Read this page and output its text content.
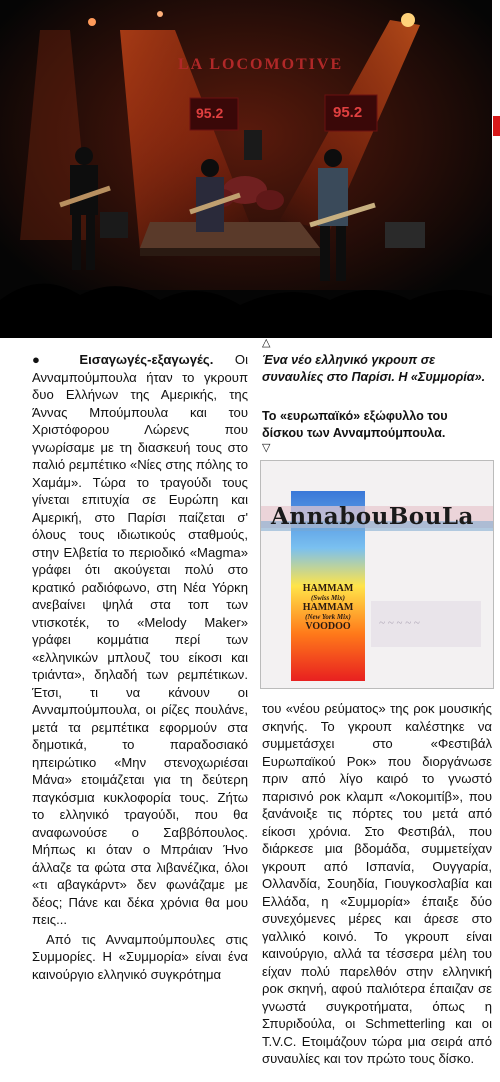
LA LOCOMOTIVE
95.2	95.2

● Εισαγωγές-εξαγωγές. Οι Ανναμπούμπουλα ήταν το γκρουπ δυο Ελλήνων της Αμερικής, της Άννας Μπούμπουλα και του Χριστόφορου Λώρενς που γνωρίσαμε με τη διασκευή τους στο παλιό ρεμπέτικο «Νίες στης πόλης το Χαμάμ». Τώρα το τραγούδι τους γίνεται επιτυχία σε Ευρώπη και Αμερική, στο Παρίσι παίζεται σ' όλους τους ιδιωτικούς σταθμούς, στην Ελβετία το περιοδικό «Magma» γράφει ότι ακούγεται πολύ στο κρατικό ραδιόφωνο, στη Νέα Υόρκη ανεβαίνει ψηλά στα τοπ των ντισκοτέκ, το «Melody Maker» γράφει κομμάτια περί των «ελληνικών μπλουζ του είκοσι και τριάντα», δηλαδή των ρεμπέτικων. Έτσι, τι να κάνουν οι Ανναμπούμπουλα, οι ρίζες πουλάνε, μετά τα ρεμπέτικα εφορμούν στα δημοτικά, το παραδοσιακό ηπειρώτικο «Μην στενοχωριέσαι Μάνα» ετοιμάζεται για τη δεύτερη παγκόσμια κυκλοφορία τους. Ζήτω το ελληνικό τραγούδι, που θα αναφωνούσε ο Σαββόπουλος. Μήπως κι όταν ο Μπράιαν Ήνο άλλαζε τα φώτα στα λιβανέζικα, όλοι «τι αβαγκάρντ» δεν φωνάζαμε με δέος; Πάνε και δέκα χρόνια θα μου πεις...

Από τις Ανναμπούμπουλες στις Συμμορίες. Η «Συμμορία» είναι ένα καινούργιο ελληνικό συγκρότημα

△
Ένα νέο ελληνικό γκρουπ σε συναυλίες στο Παρίσι. Η «Συμμορία».
Το «ευρωπαϊκό» εξώφυλλο του δίσκου των Ανναμπούμπουλα.
▽
~ ~ ~ ~ ~
AnnabouBouLa
HAMMAM
(Swiss Mix)
HAMMAM
(New York Mix)
VOODOO

του «νέου ρεύματος» της ροκ μουσικής σκηνής. Το γκρουπ καλέστηκε να συμμετάσχει στο «Φεστιβάλ Ευρωπαϊκού Ροκ» που διοργάνωσε πριν από λίγο καιρό το γνωστό παρισινό ροκ κλαμπ «Λοκομιτίβ», που ξανάνοιξε τις πόρτες του μετά από είκοσι χρόνια. Στο Φεστιβάλ, που διάρκεσε μια βδομάδα, συμμετείχαν γκρουπ από Ισπανία, Ουγγαρία, Ολλανδία, Σουηδία, Γιουγκοσλαβία και Ελλάδα, η «Συμμορία» έπαιξε δύο συνεχόμενες μέρες και άρεσε στο γαλλικό κοινό. Το γκρουπ είναι καινούργιο, αλλά τα τέσσερα μέλη του είχαν πολύ παρελθόν στην ελληνική ροκ σκηνή, αφού παλιότερα έπαιζαν σε γνωστά συγκροτήματα, όπως η Σπυριδούλα, οι Schmetterling και οι T.V.C. Ετοιμάζουν τώρα μια σειρά από συναυλίες και τον πρώτο τους δίσκο.
